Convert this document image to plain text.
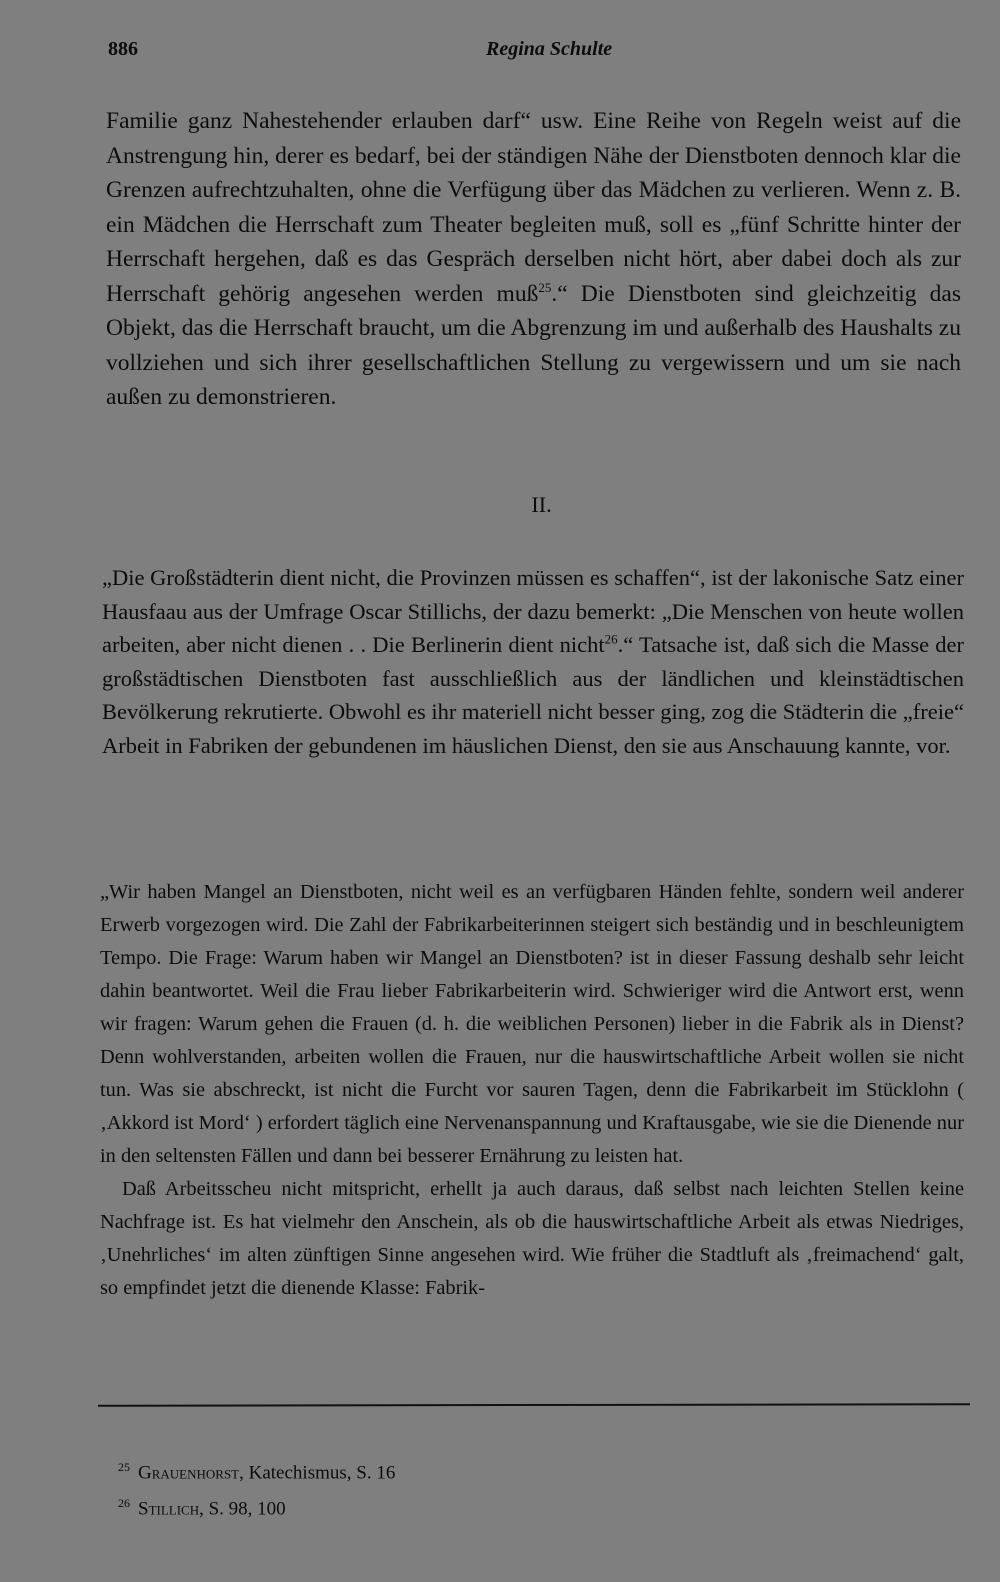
886	Regina Schulte

Familie ganz Nahestehender erlauben darf“ usw. Eine Reihe von Regeln weist auf die Anstrengung hin, derer es bedarf, bei der ständigen Nähe der Dienstboten dennoch klar die Grenzen aufrechtzuhalten, ohne die Verfügung über das Mädchen zu verlieren. Wenn z. B. ein Mädchen die Herrschaft zum Theater begleiten muß, soll es „fünf Schritte hinter der Herrschaft hergehen, daß es das Gespräch derselben nicht hört, aber dabei doch als zur Herrschaft gehörig angesehen werden muß$^{25}$.“ Die Dienstboten sind gleichzeitig das Objekt, das die Herrschaft braucht, um die Abgrenzung im und außerhalb des Haushalts zu vollziehen und sich ihrer gesellschaftlichen Stellung zu vergewissern und um sie nach außen zu demonstrieren.

II.

„Die Großstädterin dient nicht, die Provinzen müssen es schaffen“, ist der lakonische Satz einer Hausfaau aus der Umfrage Oscar Stillichs, der dazu bemerkt: „Die Menschen von heute wollen arbeiten, aber nicht dienen . . Die Berlinerin dient nicht$^{26}$.“ Tatsache ist, daß sich die Masse der großstädtischen Dienstboten fast ausschließlich aus der ländlichen und kleinstädtischen Bevölkerung rekrutierte. Obwohl es ihr materiell nicht besser ging, zog die Städterin die „freie“ Arbeit in Fabriken der gebundenen im häuslichen Dienst, den sie aus Anschauung kannte, vor.

„Wir haben Mangel an Dienstboten, nicht weil es an verfügbaren Händen fehlte, sondern weil anderer Erwerb vorgezogen wird. Die Zahl der Fabrikarbeiterinnen steigert sich beständig und in beschleunigtem Tempo. Die Frage: Warum haben wir Mangel an Dienstboten? ist in dieser Fassung deshalb sehr leicht dahin beantwortet. Weil die Frau lieber Fabrikarbeiterin wird. Schwieriger wird die Antwort erst, wenn wir fragen: Warum gehen die Frauen (d. h. die weiblichen Personen) lieber in die Fabrik als in Dienst? Denn wohlverstanden, arbeiten wollen die Frauen, nur die hauswirtschaftliche Arbeit wollen sie nicht tun. Was sie abschreckt, ist nicht die Furcht vor sauren Tagen, denn die Fabrikarbeit im Stücklohn ( ‚Akkord ist Mord‘ ) erfordert täglich eine Nervenanspannung und Kraftausgabe, wie sie die Dienende nur in den seltensten Fällen und dann bei besserer Ernährung zu leisten hat.

Daß Arbeitsscheu nicht mitspricht, erhellt ja auch daraus, daß selbst nach leichten Stellen keine Nachfrage ist. Es hat vielmehr den Anschein, als ob die hauswirtschaftliche Arbeit als etwas Niedriges, ‚Unehrliches‘ im alten zünftigen Sinne angesehen wird. Wie früher die Stadtluft als ‚freimachend‘ galt, so empfindet jetzt die dienende Klasse: Fabrik-

$^{25}$ Grauenhorst, Katechismus, S. 16
$^{26}$ Stillich, S. 98, 100
